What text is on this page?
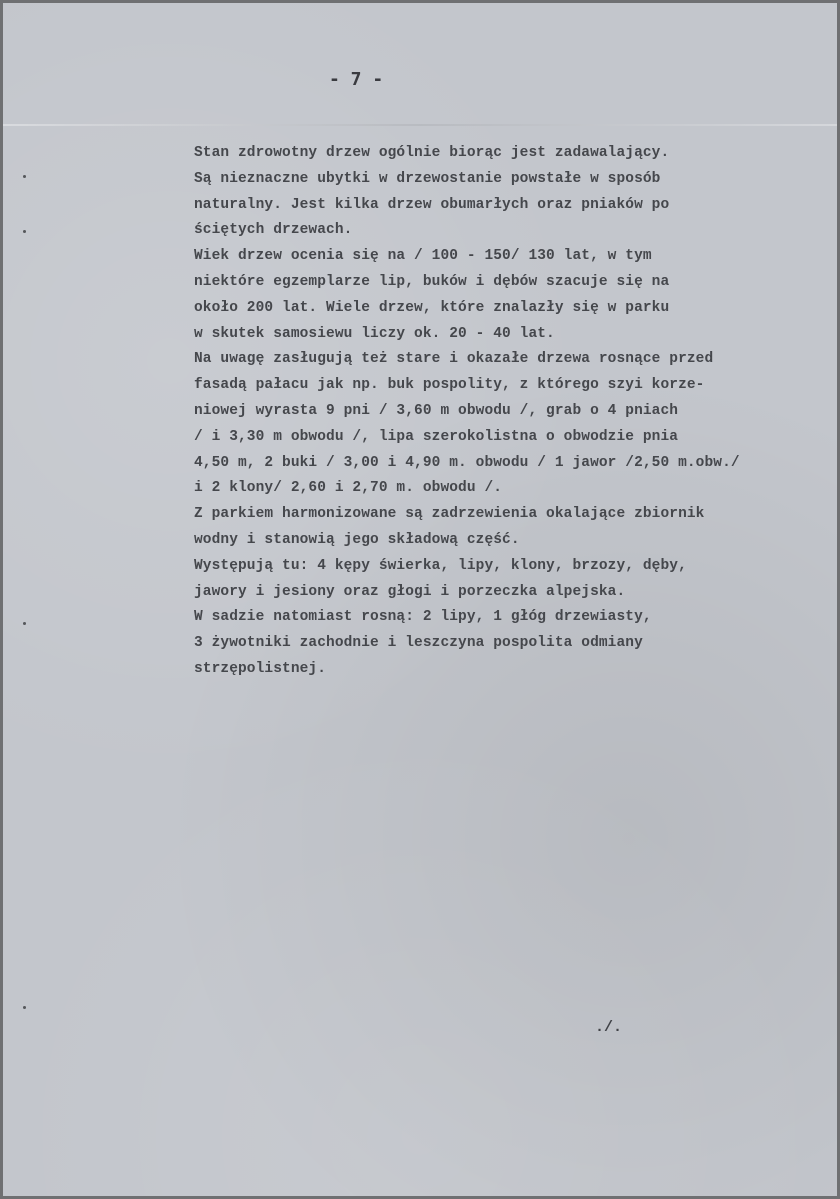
- 7 -
Stan zdrowotny drzew ogólnie biorąc jest zadawalający.
Są nieznaczne ubytki w drzewostanie powstałe w sposób
naturalny. Jest kilka drzew obumarłych oraz pniaków po
ściętych drzewach.
Wiek drzew ocenia się na / 100 - 150/ 130 lat, w tym
niektóre egzemplarze lip, buków i dębów szacuje się na
około 200 lat. Wiele drzew, które znalazły się w parku
w skutek samosiewu liczy ok. 20 - 40 lat.
Na uwagę zasługują też stare i okazałe drzewa rosnące przed
fasadą pałacu jak np. buk pospolity, z którego szyi korze-
niowej wyrasta 9 pni / 3,60 m obwodu /, grab o 4 pniach
/ i 3,30 m obwodu /, lipa szerokolistna o obwodzie pnia
4,50 m, 2 buki / 3,00 i 4,90 m. obwodu / 1 jawor /2,50 m.obw./
i 2 klony/ 2,60 i 2,70 m. obwodu /.
Z parkiem harmonizowane są zadrzewienia okalające zbiornik
wodny i stanowią jego składową część.
Występują tu: 4 kępy świerka, lipy, klony, brzozy, dęby,
jawory i jesiony oraz głogi i porzeczka alpejska.
W sadzie natomiast rosną: 2 lipy, 1 głóg drzewiasty,
3 żywotniki zachodnie i leszczyna pospolita odmiany
strzępolistnej.
./.
